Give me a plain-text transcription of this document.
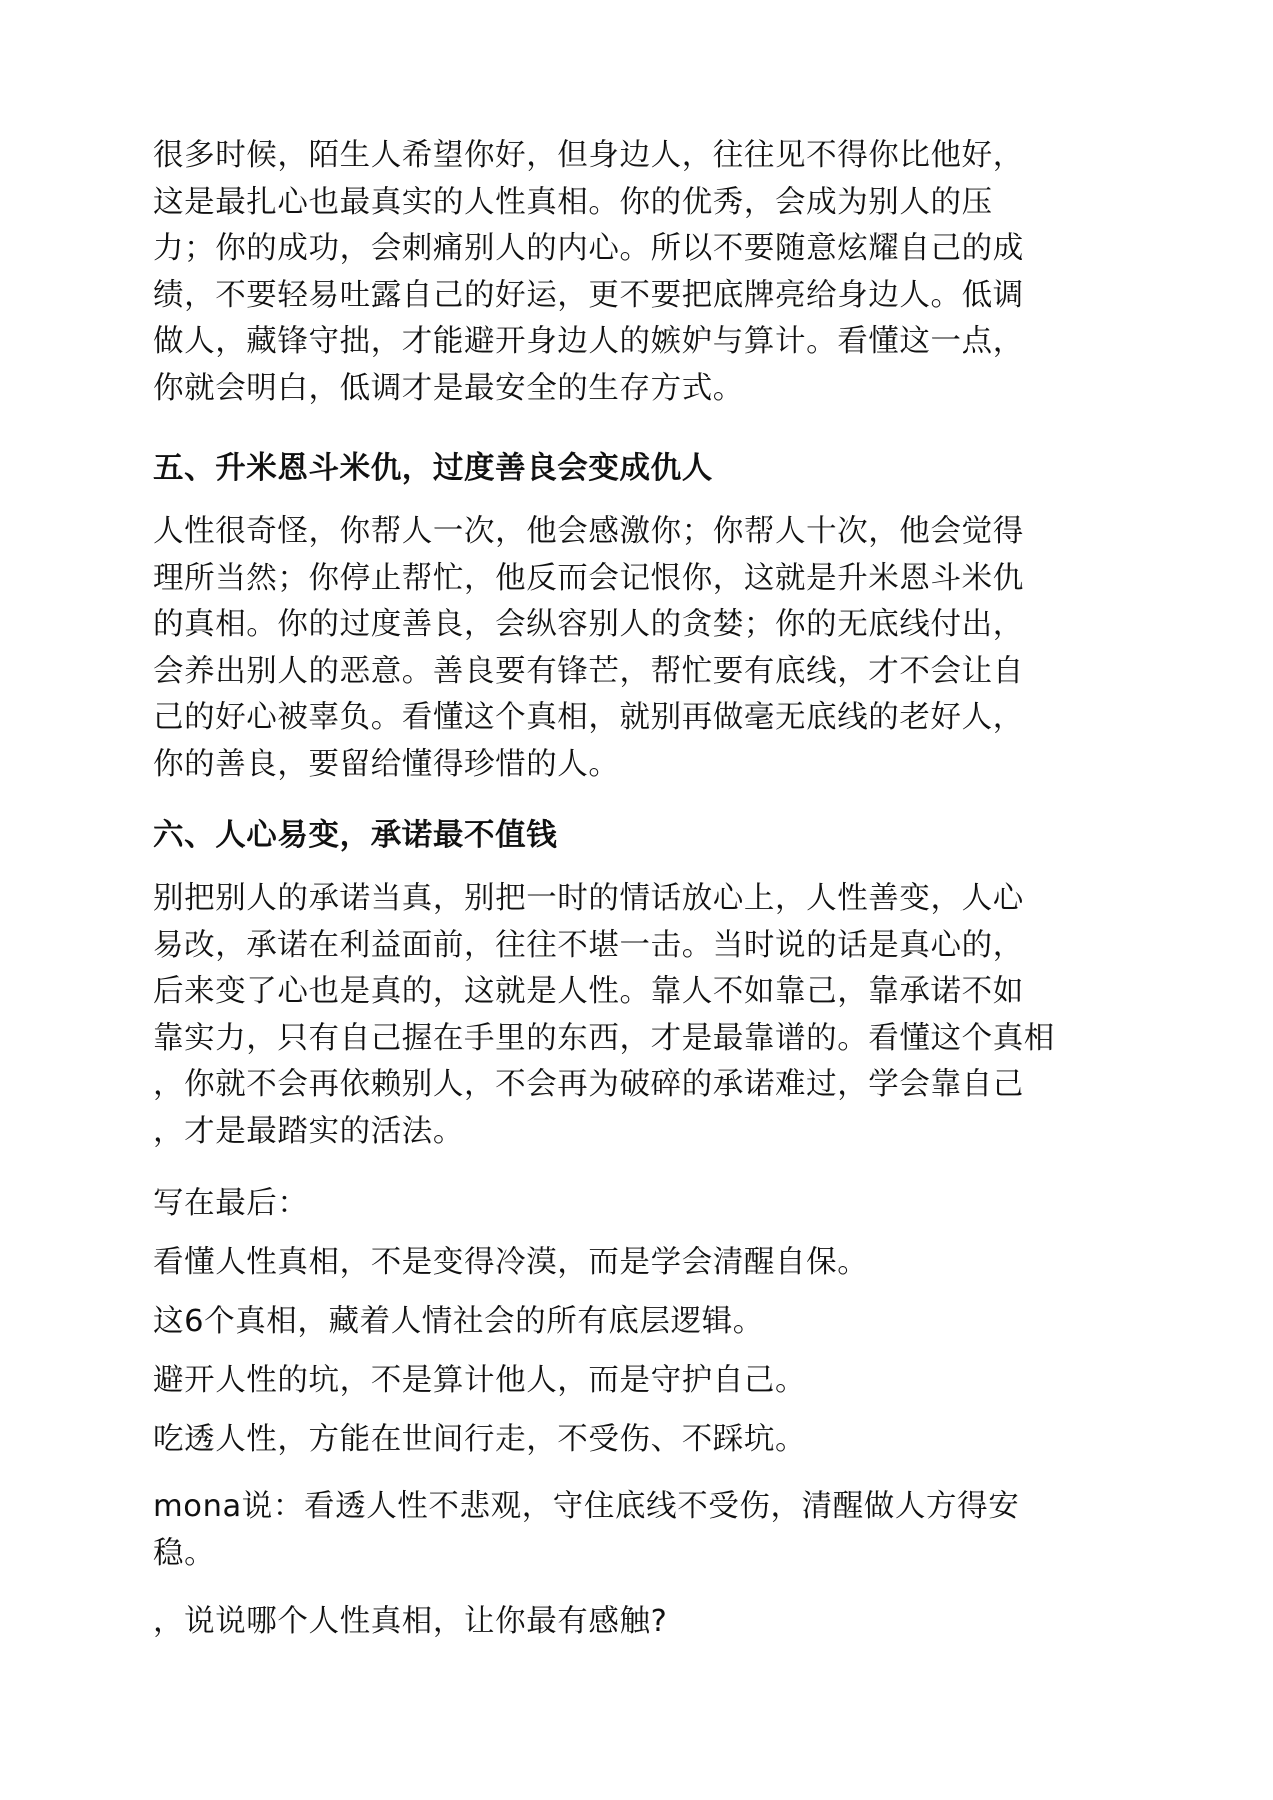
很多时候，陌生人希望你好，但身边人，往往见不得你比他好，
这是最扎心也最真实的人性真相。你的优秀，会成为别人的压
力；你的成功，会刺痛别人的内心。所以不要随意炫耀自己的成
绩，不要轻易吐露自己的好运，更不要把底牌亮给身边人。低调
做人，藏锋守拙，才能避开身边人的嫉妒与算计。看懂这一点，
你就会明白，低调才是最安全的生存方式。
五、升米恩斗米仇，过度善良会变成仇人
人性很奇怪，你帮人一次，他会感激你；你帮人十次，他会觉得
理所当然；你停止帮忙，他反而会记恨你，这就是升米恩斗米仇
的真相。你的过度善良，会纵容别人的贪婪；你的无底线付出，
会养出别人的恶意。善良要有锋芒，帮忙要有底线，才不会让自
己的好心被辜负。看懂这个真相，就别再做毫无底线的老好人，
你的善良，要留给懂得珍惜的人。
六、人心易变，承诺最不值钱
别把别人的承诺当真，别把一时的情话放心上，人性善变，人心
易改，承诺在利益面前，往往不堪一击。当时说的话是真心的，
后来变了心也是真的，这就是人性。靠人不如靠己，靠承诺不如
靠实力，只有自己握在手里的东西，才是最靠谱的。看懂这个真相
，你就不会再依赖别人，不会再为破碎的承诺难过，学会靠自己
，才是最踏实的活法。
写在最后：
看懂人性真相，不是变得冷漠，而是学会清醒自保。
这6个真相，藏着人情社会的所有底层逻辑。
避开人性的坑，不是算计他人，而是守护自己。
吃透人性，方能在世间行走，不受伤、不踩坑。
mona说：看透人性不悲观，守住底线不受伤，清醒做人方得安
稳。
，说说哪个人性真相，让你最有感触?
